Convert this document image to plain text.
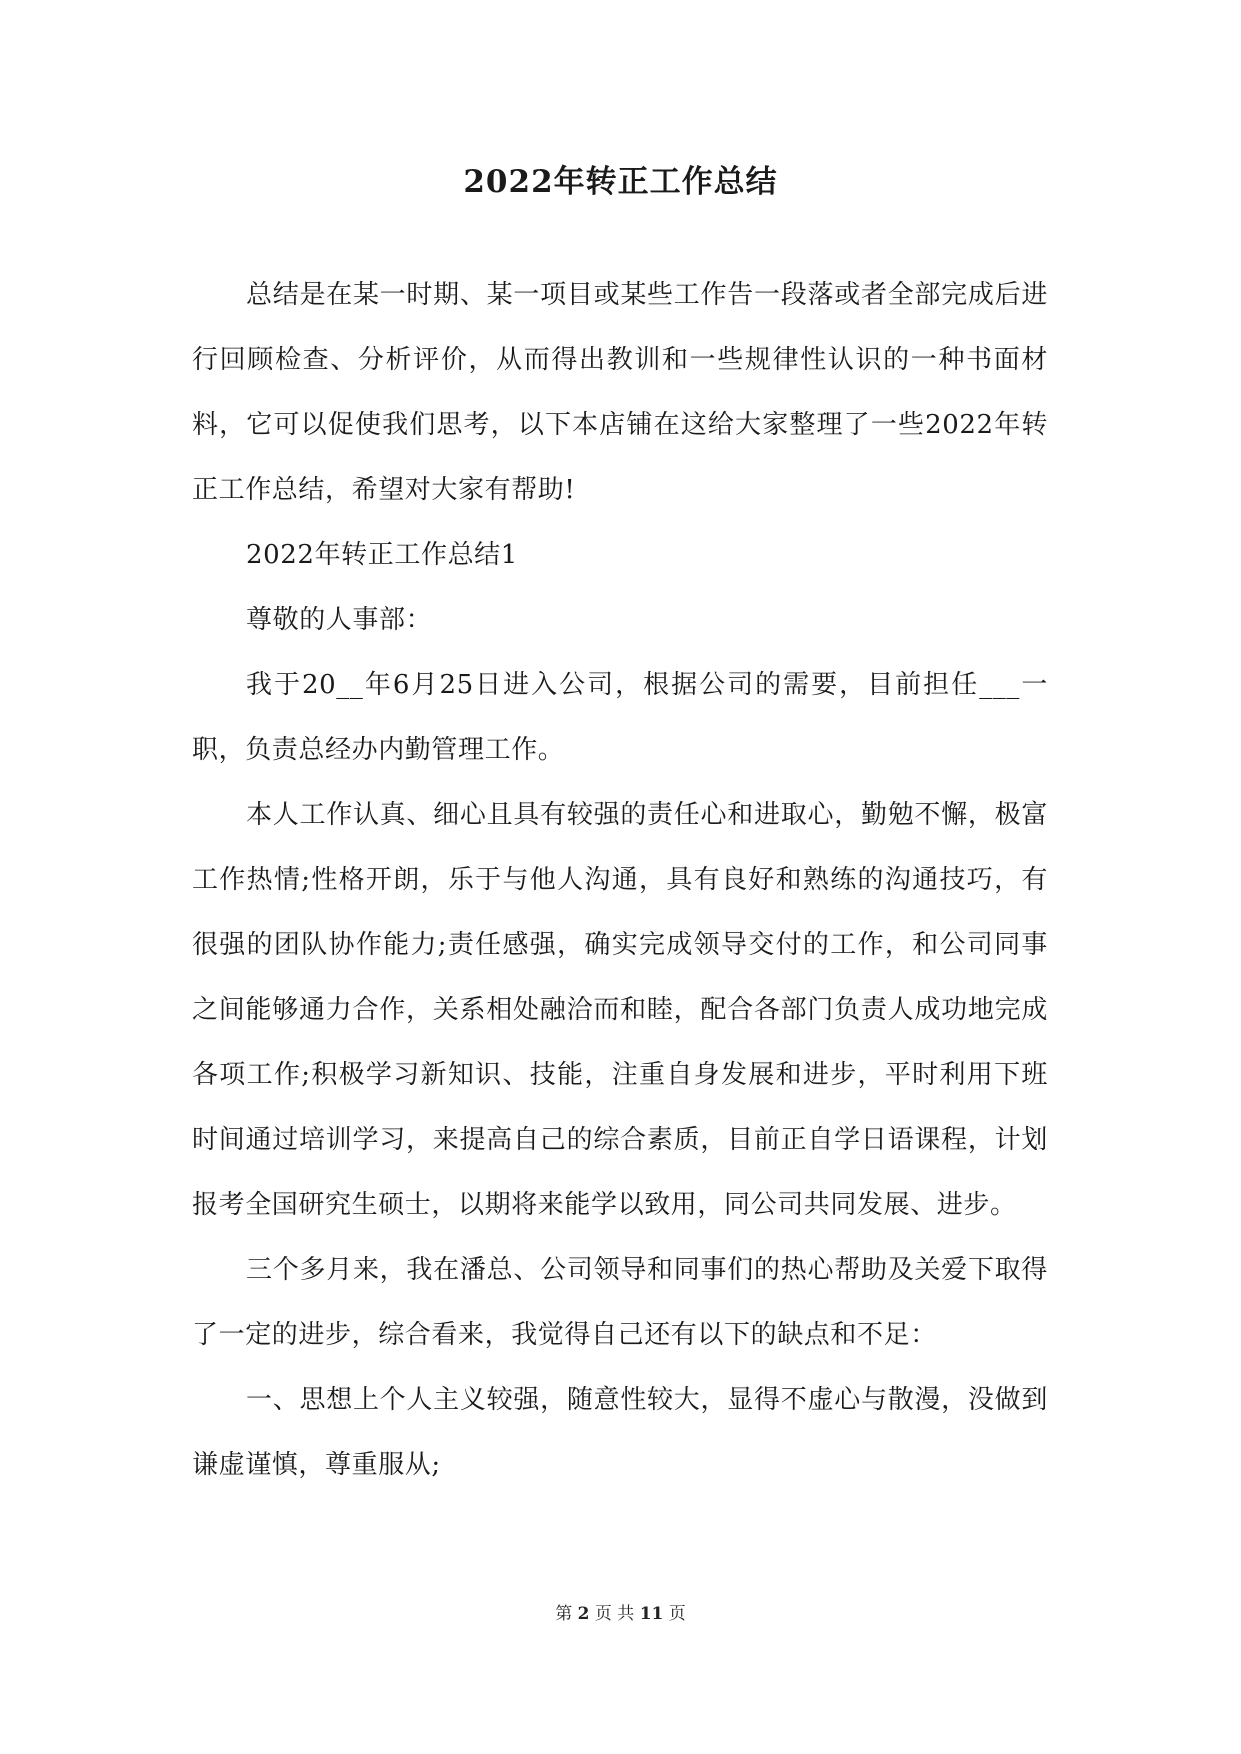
2022年转正工作总结

总结是在某一时期、某一项目或某些工作告一段落或者全部完成后进行回顾检查、分析评价，从而得出教训和一些规律性认识的一种书面材料，它可以促使我们思考，以下本店铺在这给大家整理了一些2022年转正工作总结，希望对大家有帮助!

2022年转正工作总结1

尊敬的人事部：

我于20__年6月25日进入公司，根据公司的需要，目前担任___一职，负责总经办内勤管理工作。

本人工作认真、细心且具有较强的责任心和进取心，勤勉不懈，极富工作热情;性格开朗，乐于与他人沟通，具有良好和熟练的沟通技巧，有很强的团队协作能力;责任感强，确实完成领导交付的工作，和公司同事之间能够通力合作，关系相处融洽而和睦，配合各部门负责人成功地完成各项工作;积极学习新知识、技能，注重自身发展和进步，平时利用下班时间通过培训学习，来提高自己的综合素质，目前正自学日语课程，计划报考全国研究生硕士，以期将来能学以致用，同公司共同发展、进步。

三个多月来，我在潘总、公司领导和同事们的热心帮助及关爱下取得了一定的进步，综合看来，我觉得自己还有以下的缺点和不足：

一、思想上个人主义较强，随意性较大，显得不虚心与散漫，没做到谦虚谨慎，尊重服从;

第 2 页 共 11 页
